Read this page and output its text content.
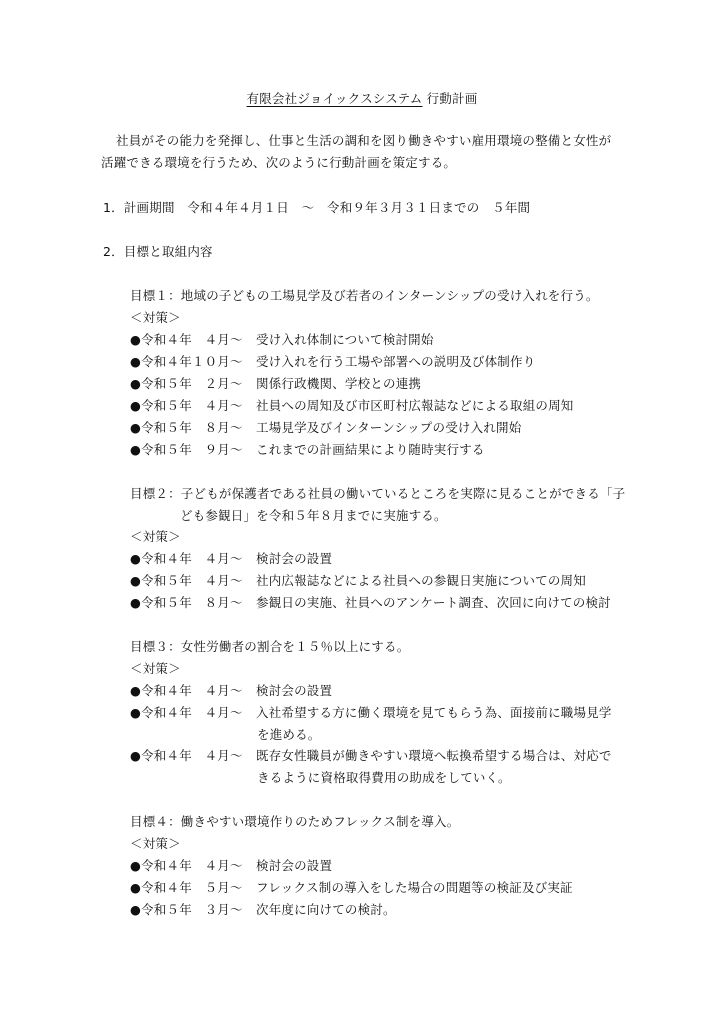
有限会社ジョイックスシステム 行動計画
社員がその能力を発揮し、仕事と生活の調和を図り働きやすい雇用環境の整備と女性が
活躍できる環境を行うため、次のように行動計画を策定する。
1．計画期間　令和４年４月１日　～　令和９年３月３１日までの　５年間
2．目標と取組内容
目標１：地域の子どもの工場見学及び若者のインターンシップの受け入れを行う。
＜対策＞
●令和４年　４月～ 受け入れ体制について検討開始
●令和４年１０月～ 受け入れを行う工場や部署への説明及び体制作り
●令和５年　２月～ 関係行政機関、学校との連携
●令和５年　４月～ 社員への周知及び市区町村広報誌などによる取組の周知
●令和５年　８月～ 工場見学及びインターンシップの受け入れ開始
●令和５年　９月～ これまでの計画結果により随時実行する
目標２：子どもが保護者である社員の働いているところを実際に見ることができる「子
ども参観日」を令和５年８月までに実施する。
＜対策＞
●令和４年　４月～ 検討会の設置
●令和５年　４月～ 社内広報誌などによる社員への参観日実施についての周知
●令和５年　８月～ 参観日の実施、社員へのアンケート調査、次回に向けての検討
目標３：女性労働者の割合を１５％以上にする。
＜対策＞
●令和４年　４月～ 検討会の設置
●令和４年　４月～ 入社希望する方に働く環境を見てもらう為、面接前に職場見学
を進める。
●令和４年　４月～ 既存女性職員が働きやすい環境へ転換希望する場合は、対応で
きるように資格取得費用の助成をしていく。
目標４：働きやすい環境作りのためフレックス制を導入。
＜対策＞
●令和４年　４月～ 検討会の設置
●令和４年　５月～ フレックス制の導入をした場合の問題等の検証及び実証
●令和５年　３月～ 次年度に向けての検討。
